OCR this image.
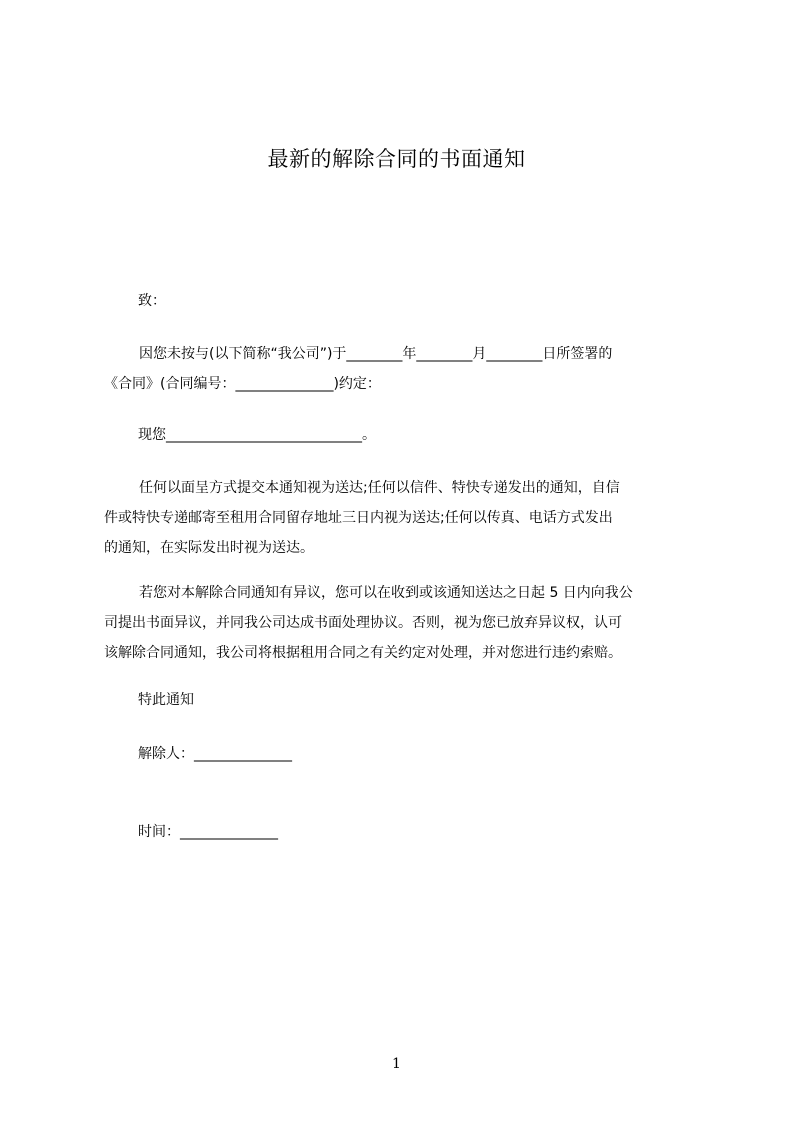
最新的解除合同的书面通知

致：

因您未按与(以下简称“我公司”)于________年________月________日所签署的
《合同》(合同编号：______________)约定：

现您____________________________。

任何以面呈方式提交本通知视为送达;任何以信件、特快专递发出的通知，自信
件或特快专递邮寄至租用合同留存地址三日内视为送达;任何以传真、电话方式发出
的通知，在实际发出时视为送达。
若您对本解除合同通知有异议，您可以在收到或该通知送达之日起 5 日内向我公
司提出书面异议，并同我公司达成书面处理协议。否则，视为您已放弃异议权，认可
该解除合同通知，我公司将根据租用合同之有关约定对处理，并对您进行违约索赔。

特此通知

解除人：______________

时间：______________

1
